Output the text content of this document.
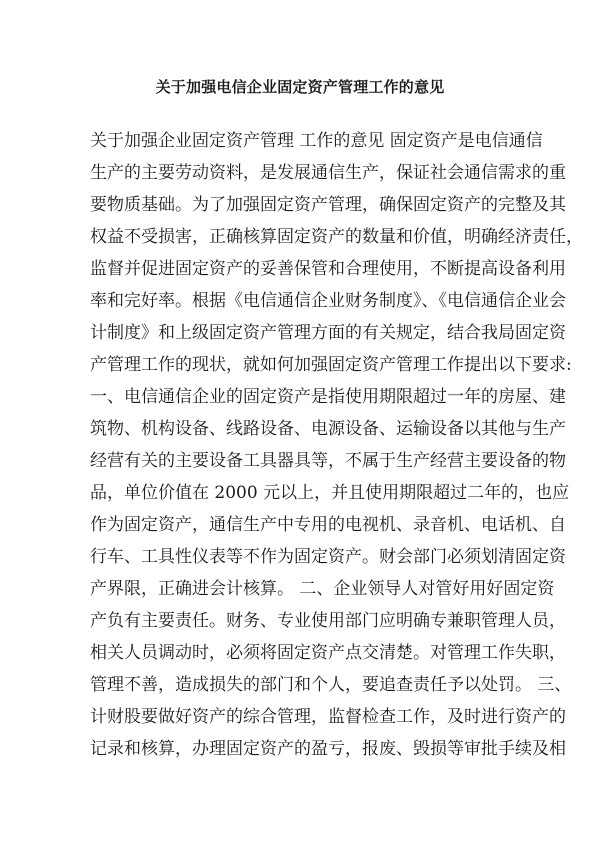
关于加强电信企业固定资产管理工作的意见
关于加强企业固定资产管理 工作的意见 固定资产是电信通信
生产的主要劳动资料，是发展通信生产，保证社会通信需求的重
要物质基础。为了加强固定资产管理，确保固定资产的完整及其
权益不受损害，正确核算固定资产的数量和价值，明确经济责任，
监督并促进固定资产的妥善保管和合理使用，不断提高设备利用
率和完好率。根据《电信通信企业财务制度》、《电信通信企业会
计制度》和上级固定资产管理方面的有关规定，结合我局固定资
产管理工作的现状，就如何加强固定资产管理工作提出以下要求:
一、电信通信企业的固定资产是指使用期限超过一年的房屋、建
筑物、机构设备、线路设备、电源设备、运输设备以其他与生产
经营有关的主要设备工具器具等，不属于生产经营主要设备的物
品，单位价值在 2000 元以上，并且使用期限超过二年的，也应
作为固定资产，通信生产中专用的电视机、录音机、电话机、自
行车、工具性仪表等不作为固定资产。财会部门必须划清固定资
产界限，正确进会计核算。 二、企业领导人对管好用好固定资
产负有主要责任。财务、专业使用部门应明确专兼职管理人员，
相关人员调动时，必须将固定资产点交清楚。对管理工作失职，
管理不善，造成损失的部门和个人，要追查责任予以处罚。 三、
计财股要做好资产的综合管理，监督检查工作，及时进行资产的
记录和核算，办理固定资产的盈亏，报废、毁损等审批手续及相
